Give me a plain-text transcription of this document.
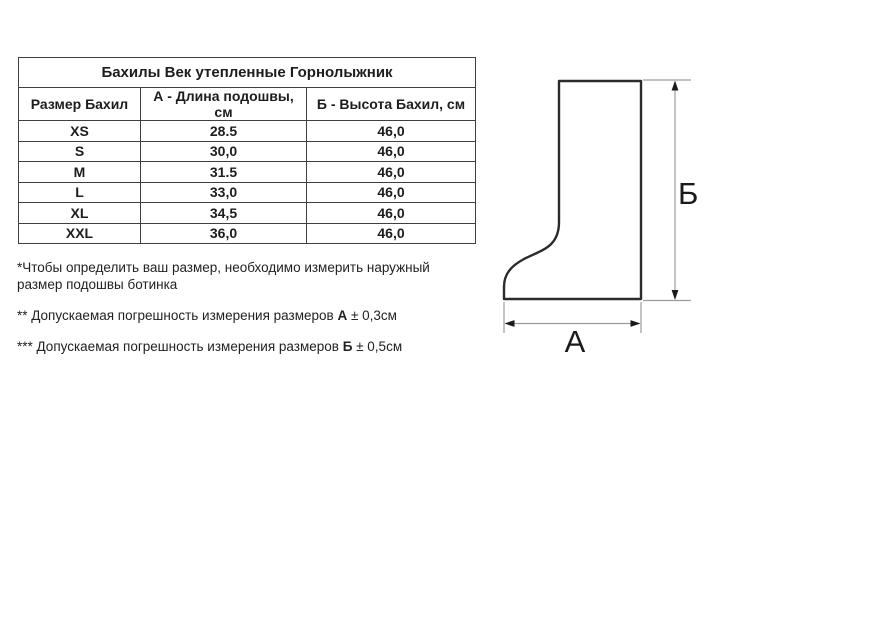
Бахилы Век утепленные Горнолыжник		
Размер Бахил	А - Длина подошвы, см	Б - Высота Бахил, см
XS	28.5	46,0
S	30,0	46,0
M	31.5	46,0
L	33,0	46,0
XL	34,5	46,0
XXL	36,0	46,0

*Чтобы определить ваш размер, необходимо измерить наружный размер подошвы ботинка

** Допускаемая погрешность измерения размеров А ± 0,3см

*** Допускаемая погрешность измерения размеров Б ± 0,5см

Б
А
